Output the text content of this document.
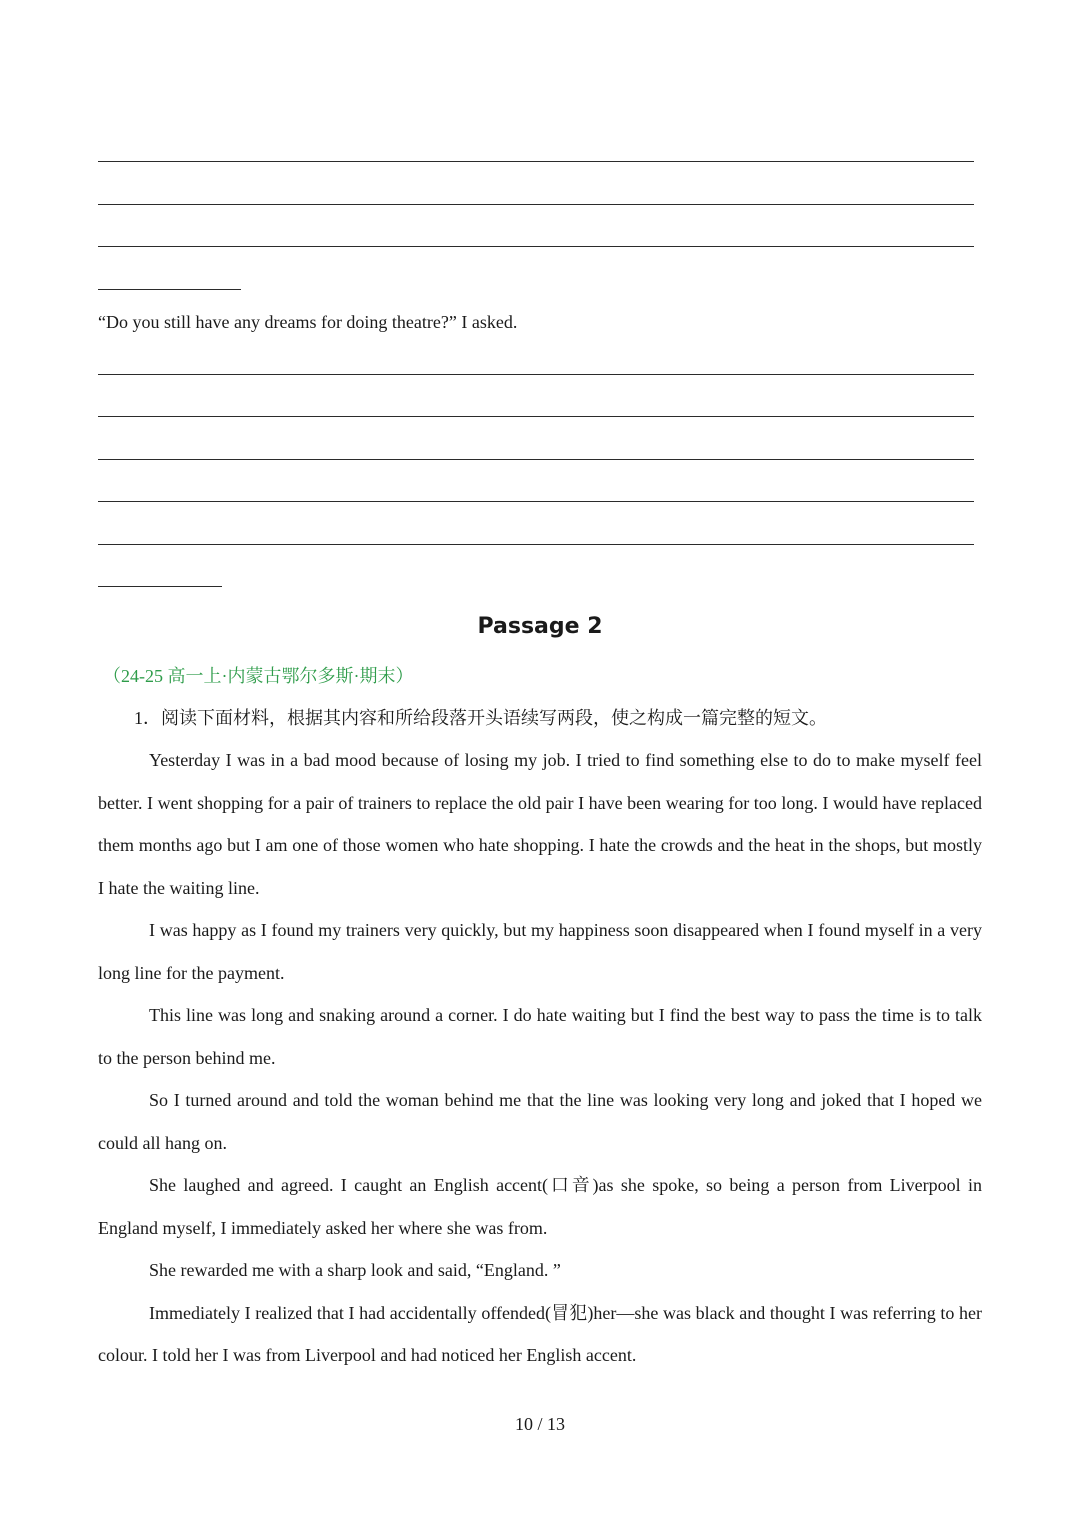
“Do you still have any dreams for doing theatre?” I asked.
Passage 2
（24-25 高一上·内蒙古鄂尔多斯·期末）
1．阅读下面材料，根据其内容和所给段落开头语续写两段，使之构成一篇完整的短文。

Yesterday I was in a bad mood because of losing my job. I tried to find something else to do to make myself feel better. I went shopping for a pair of trainers to replace the old pair I have been wearing for too long. I would have replaced them months ago but I am one of those women who hate shopping. I hate the crowds and the heat in the shops, but mostly I hate the waiting line.

I was happy as I found my trainers very quickly, but my happiness soon disappeared when I found myself in a very long line for the payment.

This line was long and snaking around a corner. I do hate waiting but I find the best way to pass the time is to talk to the person behind me.

So I turned around and told the woman behind me that the line was looking very long and joked that I hoped we could all hang on.

She laughed and agreed. I caught an English accent(口音)as she spoke, so being a person from Liverpool in England myself, I immediately asked her where she was from.

She rewarded me with a sharp look and said, “England. ”

Immediately I realized that I had accidentally offended(冒犯)her—she was black and thought I was referring to her colour. I told her I was from Liverpool and had noticed her English accent.

10 / 13
